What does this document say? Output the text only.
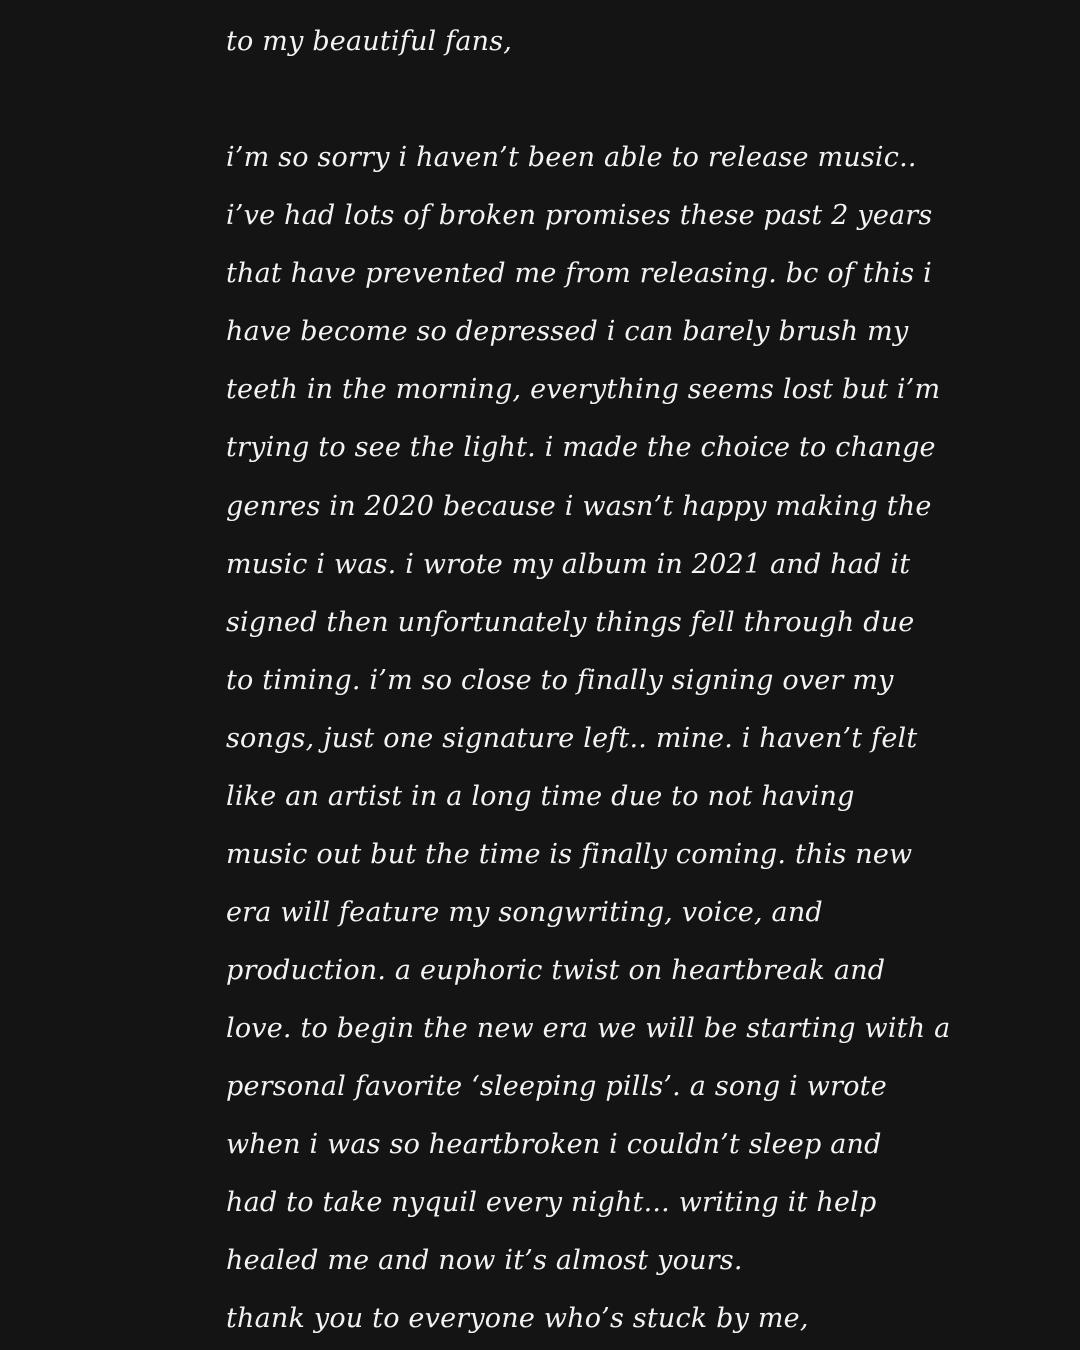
to my beautiful fans,
i’m so sorry i haven’t been able to release music..
i’ve had lots of broken promises these past 2 years
that have prevented me from releasing. bc of this i
have become so depressed i can barely brush my
teeth in the morning, everything seems lost but i’m
trying to see the light. i made the choice to change
genres in 2020 because i wasn’t happy making the
music i was. i wrote my album in 2021 and had it
signed then unfortunately things fell through due
to timing. i’m so close to finally signing over my
songs, just one signature left.. mine. i haven’t felt
like an artist in a long time due to not having
music out but the time is finally coming. this new
era will feature my songwriting, voice, and
production. a euphoric twist on heartbreak and
love. to begin the new era we will be starting with a
personal favorite ‘sleeping pills’. a song i wrote
when i was so heartbroken i couldn’t sleep and
had to take nyquil every night... writing it help
healed me and now it’s almost yours.
thank you to everyone who’s stuck by me,
